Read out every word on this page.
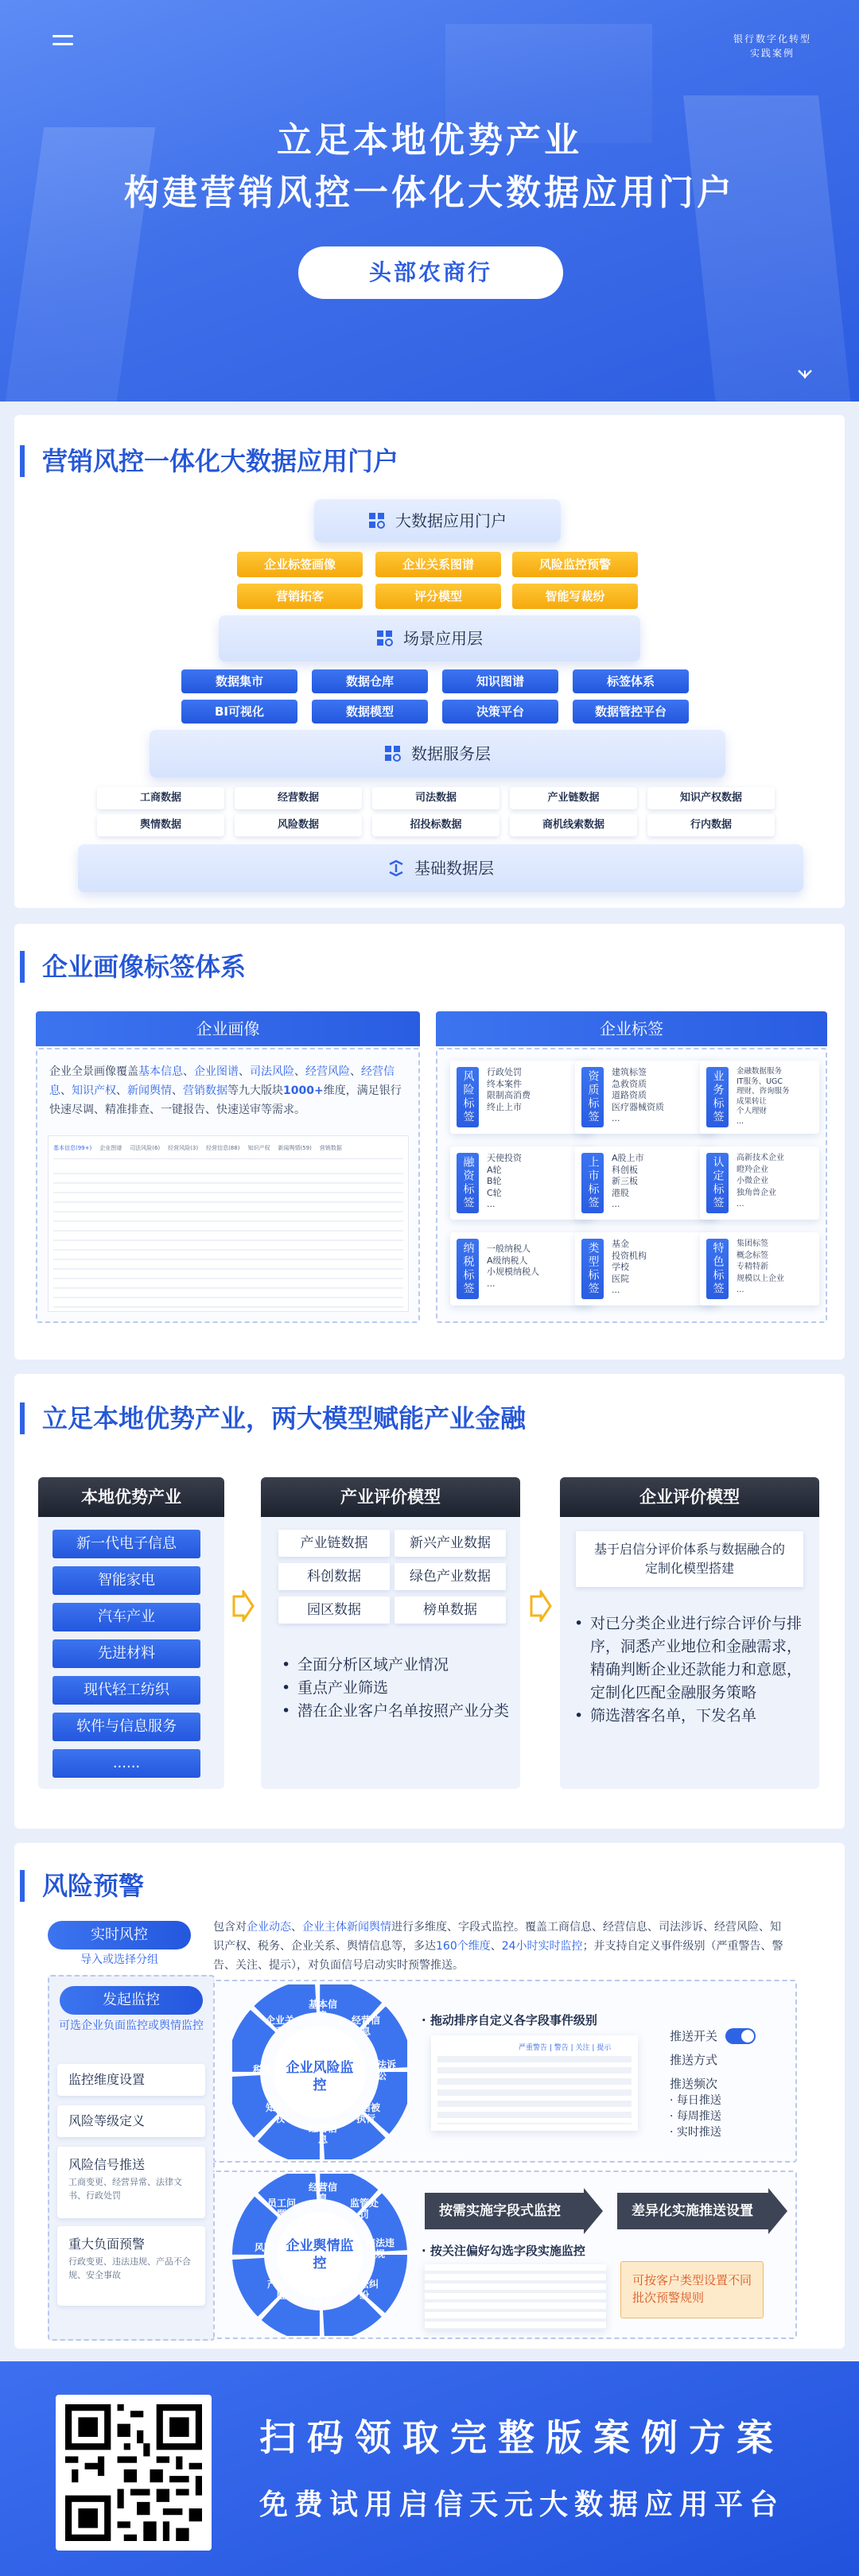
银行数字化转型
实践案例
立足本地优势产业
构建营销风控一体化大数据应用门户
头部农商行
营销风控一体化大数据应用门户
大数据应用门户
企业标签画像	企业关系图谱	风险监控预警
营销拓客	评分模型	智能写裁纷
场景应用层
数据集市	数据仓库	知识图谱	标签体系
BI可视化	数据模型	决策平台	数据管控平台
数据服务层
工商数据	经营数据	司法数据	产业链数据	知识产权数据
舆情数据	风险数据	招投标数据	商机线索数据	行内数据
基础数据层
企业画像标签体系
企业画像	企业标签
企业全景画像覆盖基本信息、企业图谱、司法风险、经营风险、经营信息、知识产权、新闻舆情、营销数据等九大版块1000+维度，满足银行快速尽调、精准排查、一键报告、快速送审等需求。
基本信息(99+) 企业图谱 司法风险(6) 经营风险(3) 经营信息(88) 知识产权 新闻舆情(59) 营销数据
风险标签	行政处罚
终本案件
限制高消费
终止上市	资质标签	建筑标签
急救资质
道路资质
医疗器械资质
...	业务标签	金融数据服务
IT服务、UGC
理财、咨询服务
成果转让
个人理财
...
融资标签	天使投资
A轮
B轮
C轮
...	上市标签	A股上市
科创板
新三板
港股
...	认定标签	高新技术企业
瞪羚企业
小微企业
独角兽企业
...
纳税标签	一般纳税人
A级纳税人
小规模纳税人
...	类型标签	基金
投资机构
学校
医院
...	特色标签	集团标签
概念标签
专精特新
规模以上企业
...
立足本地优势产业，两大模型赋能产业金融
本地优势产业
新一代电子信息
智能家电
汽车产业
先进材料
现代轻工纺织
软件与信息服务
......
产业评价模型
产业链数据	新兴产业数据
科创数据	绿色产业数据
园区数据	榜单数据
• 全面分析区域产业情况
• 重点产业筛选
• 潜在企业客户名单按照产业分类
企业评价模型
基于启信分评价体系与数据融合的定制化模型搭建
• 对已分类企业进行综合评价与排序，洞悉产业地位和金融需求，精确判断企业还款能力和意愿，定制化匹配金融服务策略
• 筛选潜客名单，下发名单
风险预警
实时风控
导入或选择分组
发起监控
可选企业负面监控或舆情监控
监控维度设置
风险等级定义
风险信号推送
工商变更、经营异常、法律文书、行政处罚
重大负面预警
行政变更、违法违规、产品不合规、安全事故
包含对企业动态、企业主体新闻舆情进行多维度、字段式监控。覆盖工商信息、经营信息、司法涉诉、经营风险、知识产权、税务、企业关系、舆情信息等，多达160个维度、24小时实时监控；并支持自定义事件级别（严重警告、警告、关注、提示），对负面信号启动实时预警推送。
企业风险监控
基本信息	经营信息
司法诉讼
失信被执行
经营信息
知识产权
税务
企业关系
· 拖动排序自定义各字段事件级别
严重警告 | 警告 | 关注 | 提示
推送开关
推送方式
推送频次
· 每日推送
· 每周推送
· 实时推送
企业舆情监控
经营信息	监管处罚
违法违规
诉讼纠纷
异常
产品风险
风险
员工问题	按需实施字段式监控	差异化实施推送设置
· 按关注偏好勾选字段实施监控
可按客户类型设置不同批次预警规则
扫码领取完整版案例方案
免费试用启信天元大数据应用平台
